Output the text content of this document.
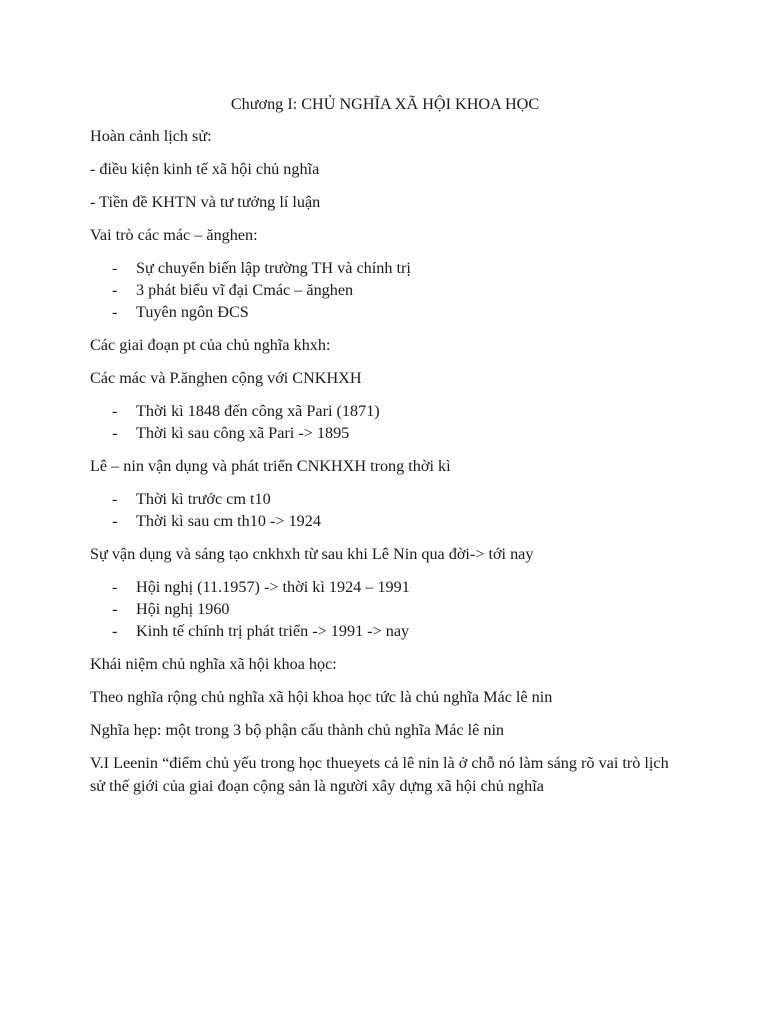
Chương I: CHỦ NGHĨA XÃ HỘI KHOA HỌC
Hoàn cảnh lịch sử:
- điều kiện kinh tế xã hội chủ nghĩa
- Tiền đề KHTN và tư tưởng lí luận
Vai trò các mác – ănghen:
- Sự chuyển biến lập trường TH và chính trị
- 3 phát biểu vĩ đại Cmác – ănghen
- Tuyên ngôn ĐCS
Các giai đoạn pt của chủ nghĩa khxh:
Các mác và P.ănghen cộng với CNKHXH
- Thời kì 1848 đến công xã Pari (1871)
- Thời kì sau công xã Pari -> 1895
Lê – nin vận dụng và phát triển CNKHXH trong thời kì
- Thời kì trước cm t10
- Thời kì sau cm th10 -> 1924
Sự vận dụng và sáng tạo cnkhxh từ sau khi Lê Nin qua đời-> tới nay
- Hội nghị (11.1957) -> thời kì 1924 – 1991
- Hội nghị 1960
- Kinh tế chính trị phát triển -> 1991 -> nay
Khái niệm chủ nghĩa xã hội khoa học:
Theo nghĩa rộng chủ nghĩa xã hội khoa học tức là chủ nghĩa Mác lê nin
Nghĩa hẹp: một trong 3 bộ phận cấu thành chủ nghĩa Mác lê nin
V.I Leenin “điểm chủ yếu trong học thueyets cả lê nin là ở chỗ nó làm sáng rõ vai trò lịch sử thế giới của giai đoạn cộng sản là người xây dựng xã hội chủ nghĩa
